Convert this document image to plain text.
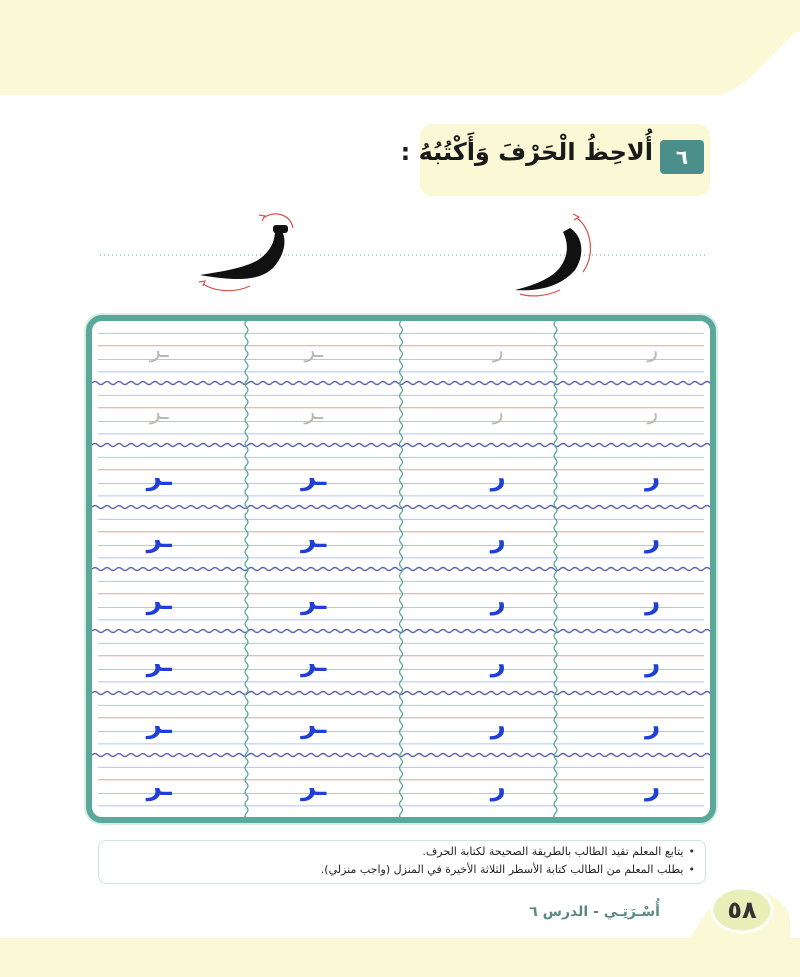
٦
أُلاحِظُ الْحَرْفَ وَأَكْتُبُهُ :
ر
ر
ـر
ـر
ر
ر
ـر
ـر
ر
ر
ـر
ـر
ر
ر
ـر
ـر
ر
ر
ـر
ـر
ر
ر
ـر
ـر
ر
ر
ـر
ـر
ر
ر
ـر
ـر
• يتابع المعلم تقيد الطالب بالطريقة الصحيحة لكتابة الحرف.
• يطلب المعلم من الطالب كتابة الأسطر الثلاثة الأخيرة في المنزل (واجب منزلي).
أُسْـرَتِـي - الدرس ٦	٥٨
